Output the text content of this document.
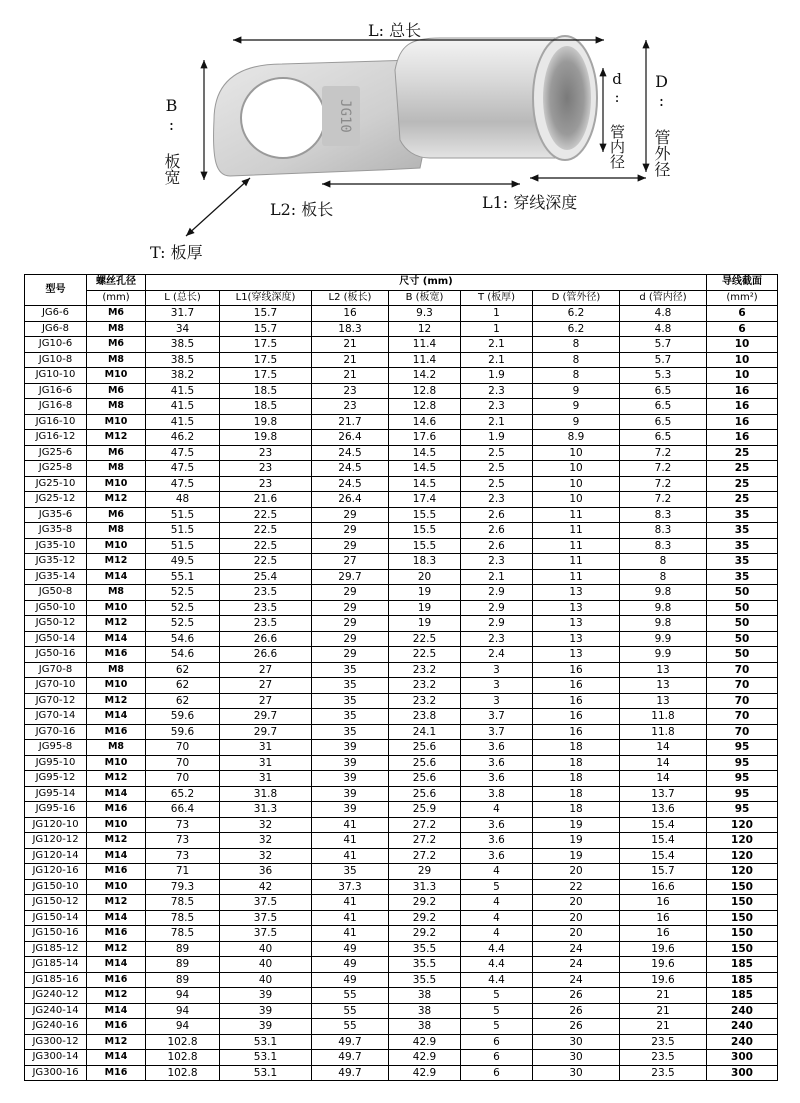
JG10
L: 总长
B: 板宽
L2: 板长	L1: 穿线深度
T: 板厚
d: 管内径 D: 管外径
型号	螺丝孔径	尺寸 (mm)							导线截面
	(mm)	L (总长)	L1(穿线深度)	L2 (板长)	B (板宽)	T (板厚)	D (管外径)	d (管内径)	(mm²)
JG6-6	M6	31.7	15.7	16	9.3	1	6.2	4.8	6
JG6-8	M8	34	15.7	18.3	12	1	6.2	4.8	6
JG10-6	M6	38.5	17.5	21	11.4	2.1	8	5.7	10
JG10-8	M8	38.5	17.5	21	11.4	2.1	8	5.7	10
JG10-10	M10	38.2	17.5	21	14.2	1.9	8	5.3	10
JG16-6	M6	41.5	18.5	23	12.8	2.3	9	6.5	16
JG16-8	M8	41.5	18.5	23	12.8	2.3	9	6.5	16
JG16-10	M10	41.5	19.8	21.7	14.6	2.1	9	6.5	16
JG16-12	M12	46.2	19.8	26.4	17.6	1.9	8.9	6.5	16
JG25-6	M6	47.5	23	24.5	14.5	2.5	10	7.2	25
JG25-8	M8	47.5	23	24.5	14.5	2.5	10	7.2	25
JG25-10	M10	47.5	23	24.5	14.5	2.5	10	7.2	25
JG25-12	M12	48	21.6	26.4	17.4	2.3	10	7.2	25
JG35-6	M6	51.5	22.5	29	15.5	2.6	11	8.3	35
JG35-8	M8	51.5	22.5	29	15.5	2.6	11	8.3	35
JG35-10	M10	51.5	22.5	29	15.5	2.6	11	8.3	35
JG35-12	M12	49.5	22.5	27	18.3	2.3	11	8	35
JG35-14	M14	55.1	25.4	29.7	20	2.1	11	8	35
JG50-8	M8	52.5	23.5	29	19	2.9	13	9.8	50
JG50-10	M10	52.5	23.5	29	19	2.9	13	9.8	50
JG50-12	M12	52.5	23.5	29	19	2.9	13	9.8	50
JG50-14	M14	54.6	26.6	29	22.5	2.3	13	9.9	50
JG50-16	M16	54.6	26.6	29	22.5	2.4	13	9.9	50
JG70-8	M8	62	27	35	23.2	3	16	13	70
JG70-10	M10	62	27	35	23.2	3	16	13	70
JG70-12	M12	62	27	35	23.2	3	16	13	70
JG70-14	M14	59.6	29.7	35	23.8	3.7	16	11.8	70
JG70-16	M16	59.6	29.7	35	24.1	3.7	16	11.8	70
JG95-8	M8	70	31	39	25.6	3.6	18	14	95
JG95-10	M10	70	31	39	25.6	3.6	18	14	95
JG95-12	M12	70	31	39	25.6	3.6	18	14	95
JG95-14	M14	65.2	31.8	39	25.6	3.8	18	13.7	95
JG95-16	M16	66.4	31.3	39	25.9	4	18	13.6	95
JG120-10	M10	73	32	41	27.2	3.6	19	15.4	120
JG120-12	M12	73	32	41	27.2	3.6	19	15.4	120
JG120-14	M14	73	32	41	27.2	3.6	19	15.4	120
JG120-16	M16	71	36	35	29	4	20	15.7	120
JG150-10	M10	79.3	42	37.3	31.3	5	22	16.6	150
JG150-12	M12	78.5	37.5	41	29.2	4	20	16	150
JG150-14	M14	78.5	37.5	41	29.2	4	20	16	150
JG150-16	M16	78.5	37.5	41	29.2	4	20	16	150
JG185-12	M12	89	40	49	35.5	4.4	24	19.6	150
JG185-14	M14	89	40	49	35.5	4.4	24	19.6	185
JG185-16	M16	89	40	49	35.5	4.4	24	19.6	185
JG240-12	M12	94	39	55	38	5	26	21	185
JG240-14	M14	94	39	55	38	5	26	21	240
JG240-16	M16	94	39	55	38	5	26	21	240
JG300-12	M12	102.8	53.1	49.7	42.9	6	30	23.5	240
JG300-14	M14	102.8	53.1	49.7	42.9	6	30	23.5	300
JG300-16	M16	102.8	53.1	49.7	42.9	6	30	23.5	300
